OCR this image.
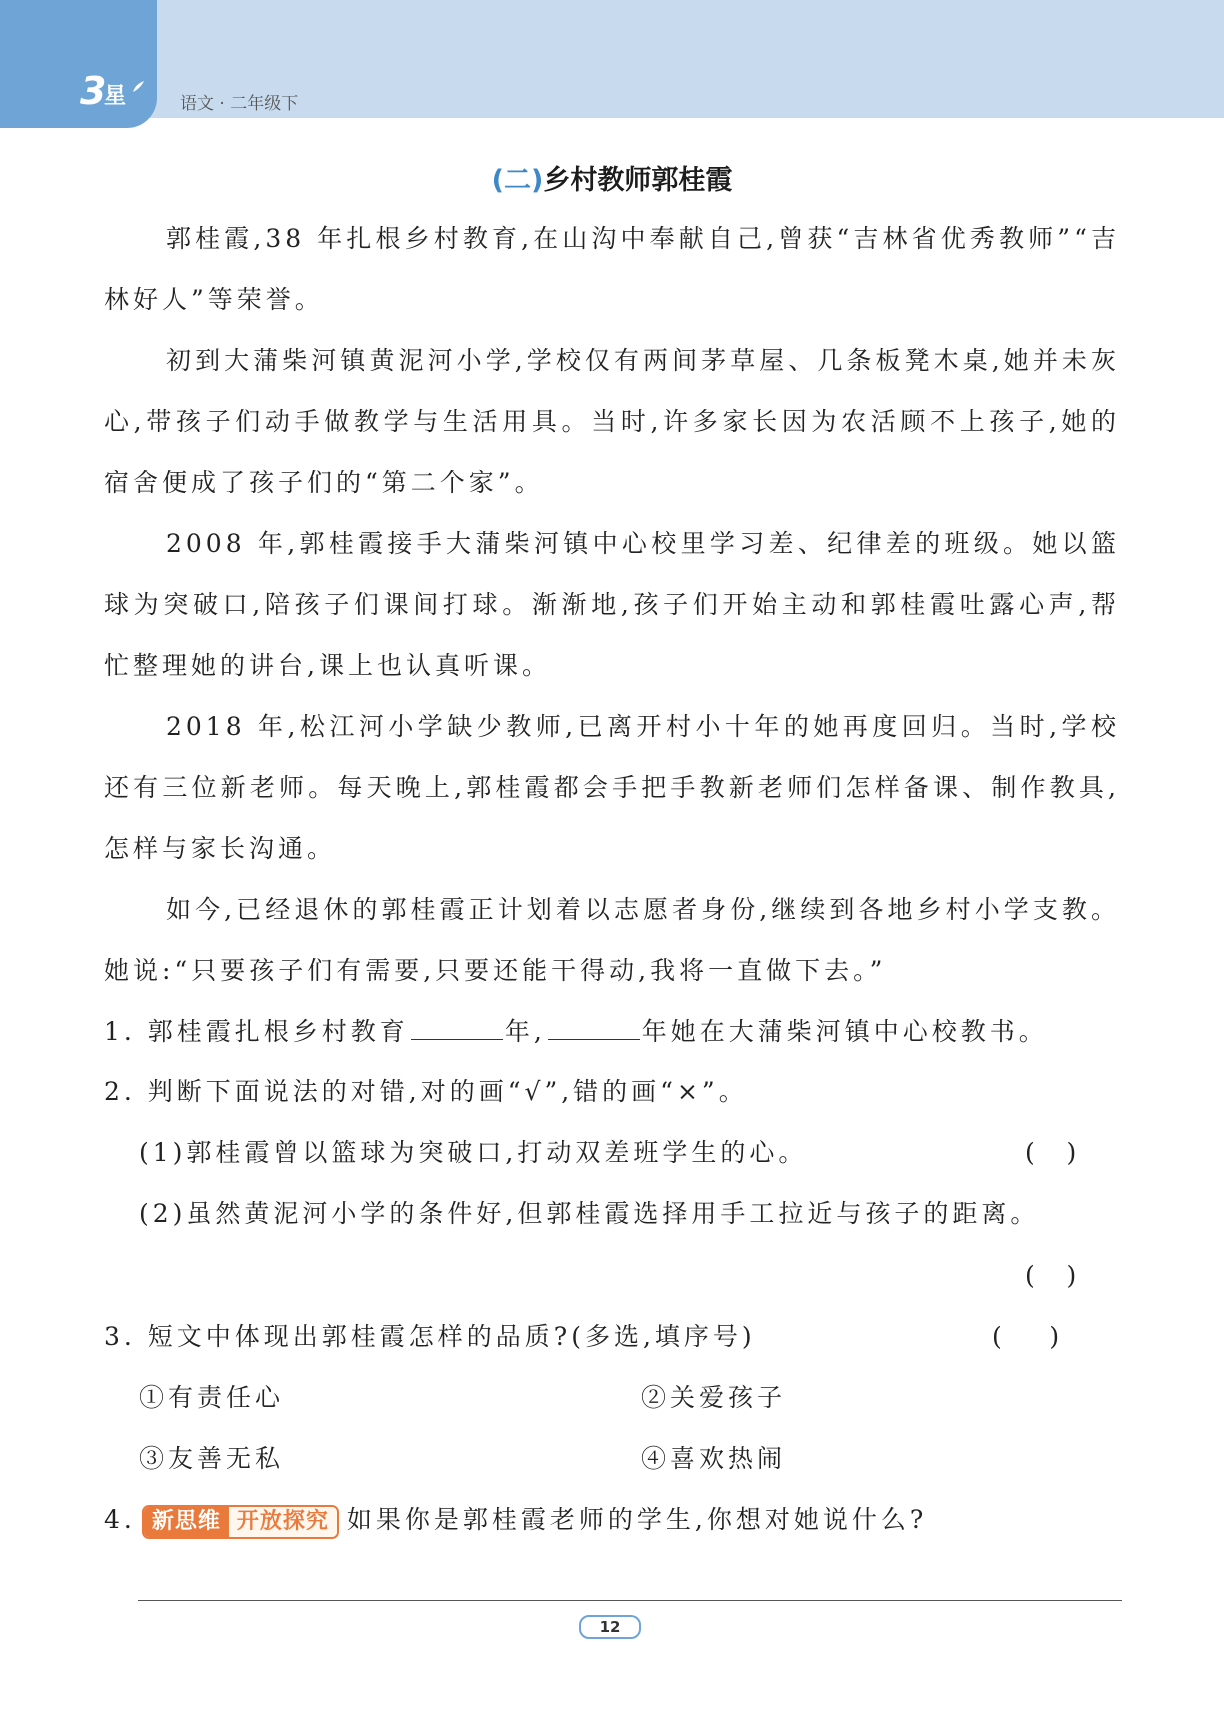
3
星	语文 · 二年级下
(二)乡村教师郭桂霞

郭桂霞,38 年扎根乡村教育,在山沟中奉献自己,曾获“吉林省优秀教师”“吉林好人”等荣誉。

初到大蒲柴河镇黄泥河小学,学校仅有两间茅草屋、几条板凳木桌,她并未灰心,带孩子们动手做教学与生活用具。当时,许多家长因为农活顾不上孩子,她的宿舍便成了孩子们的“第二个家”。

2008 年,郭桂霞接手大蒲柴河镇中心校里学习差、纪律差的班级。她以篮球为突破口,陪孩子们课间打球。渐渐地,孩子们开始主动和郭桂霞吐露心声,帮忙整理她的讲台,课上也认真听课。

2018 年,松江河小学缺少教师,已离开村小十年的她再度回归。当时,学校还有三位新老师。每天晚上,郭桂霞都会手把手教新老师们怎样备课、制作教具,怎样与家长沟通。

如今,已经退休的郭桂霞正计划着以志愿者身份,继续到各地乡村小学支教。她说:“只要孩子们有需要,只要还能干得动,我将一直做下去。”

1. 郭桂霞扎根乡村教育	年,	年她在大蒲柴河镇中心校教书。
2. 判断下面说法的对错,对的画“√”,错的画“×”。
(1)郭桂霞曾以篮球为突破口,打动双差班学生的心。	(    )
(2)虽然黄泥河小学的条件好,但郭桂霞选择用手工拉近与孩子的距离。
(    )
3. 短文中体现出郭桂霞怎样的品质?(多选,填序号)	(      )
①有责任心	②关爱孩子
③友善无私	④喜欢热闹
4. 新思维 开放探究 如果你是郭桂霞老师的学生,你想对她说什么?
12
